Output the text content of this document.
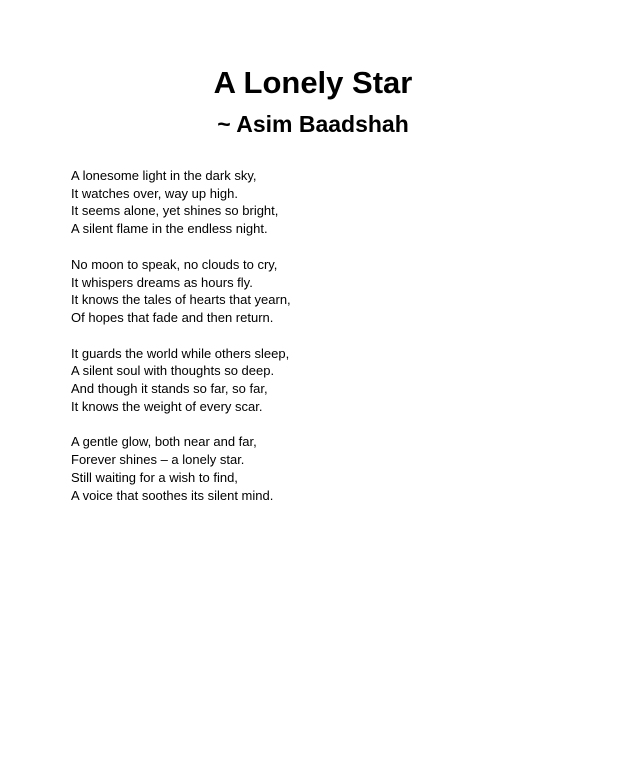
A Lonely Star
~ Asim Baadshah
A lonesome light in the dark sky,
It watches over, way up high.
It seems alone, yet shines so bright,
A silent flame in the endless night.
No moon to speak, no clouds to cry,
It whispers dreams as hours fly.
It knows the tales of hearts that yearn,
Of hopes that fade and then return.
It guards the world while others sleep,
A silent soul with thoughts so deep.
And though it stands so far, so far,
It knows the weight of every scar.
A gentle glow, both near and far,
Forever shines – a lonely star.
Still waiting for a wish to find,
A voice that soothes its silent mind.
